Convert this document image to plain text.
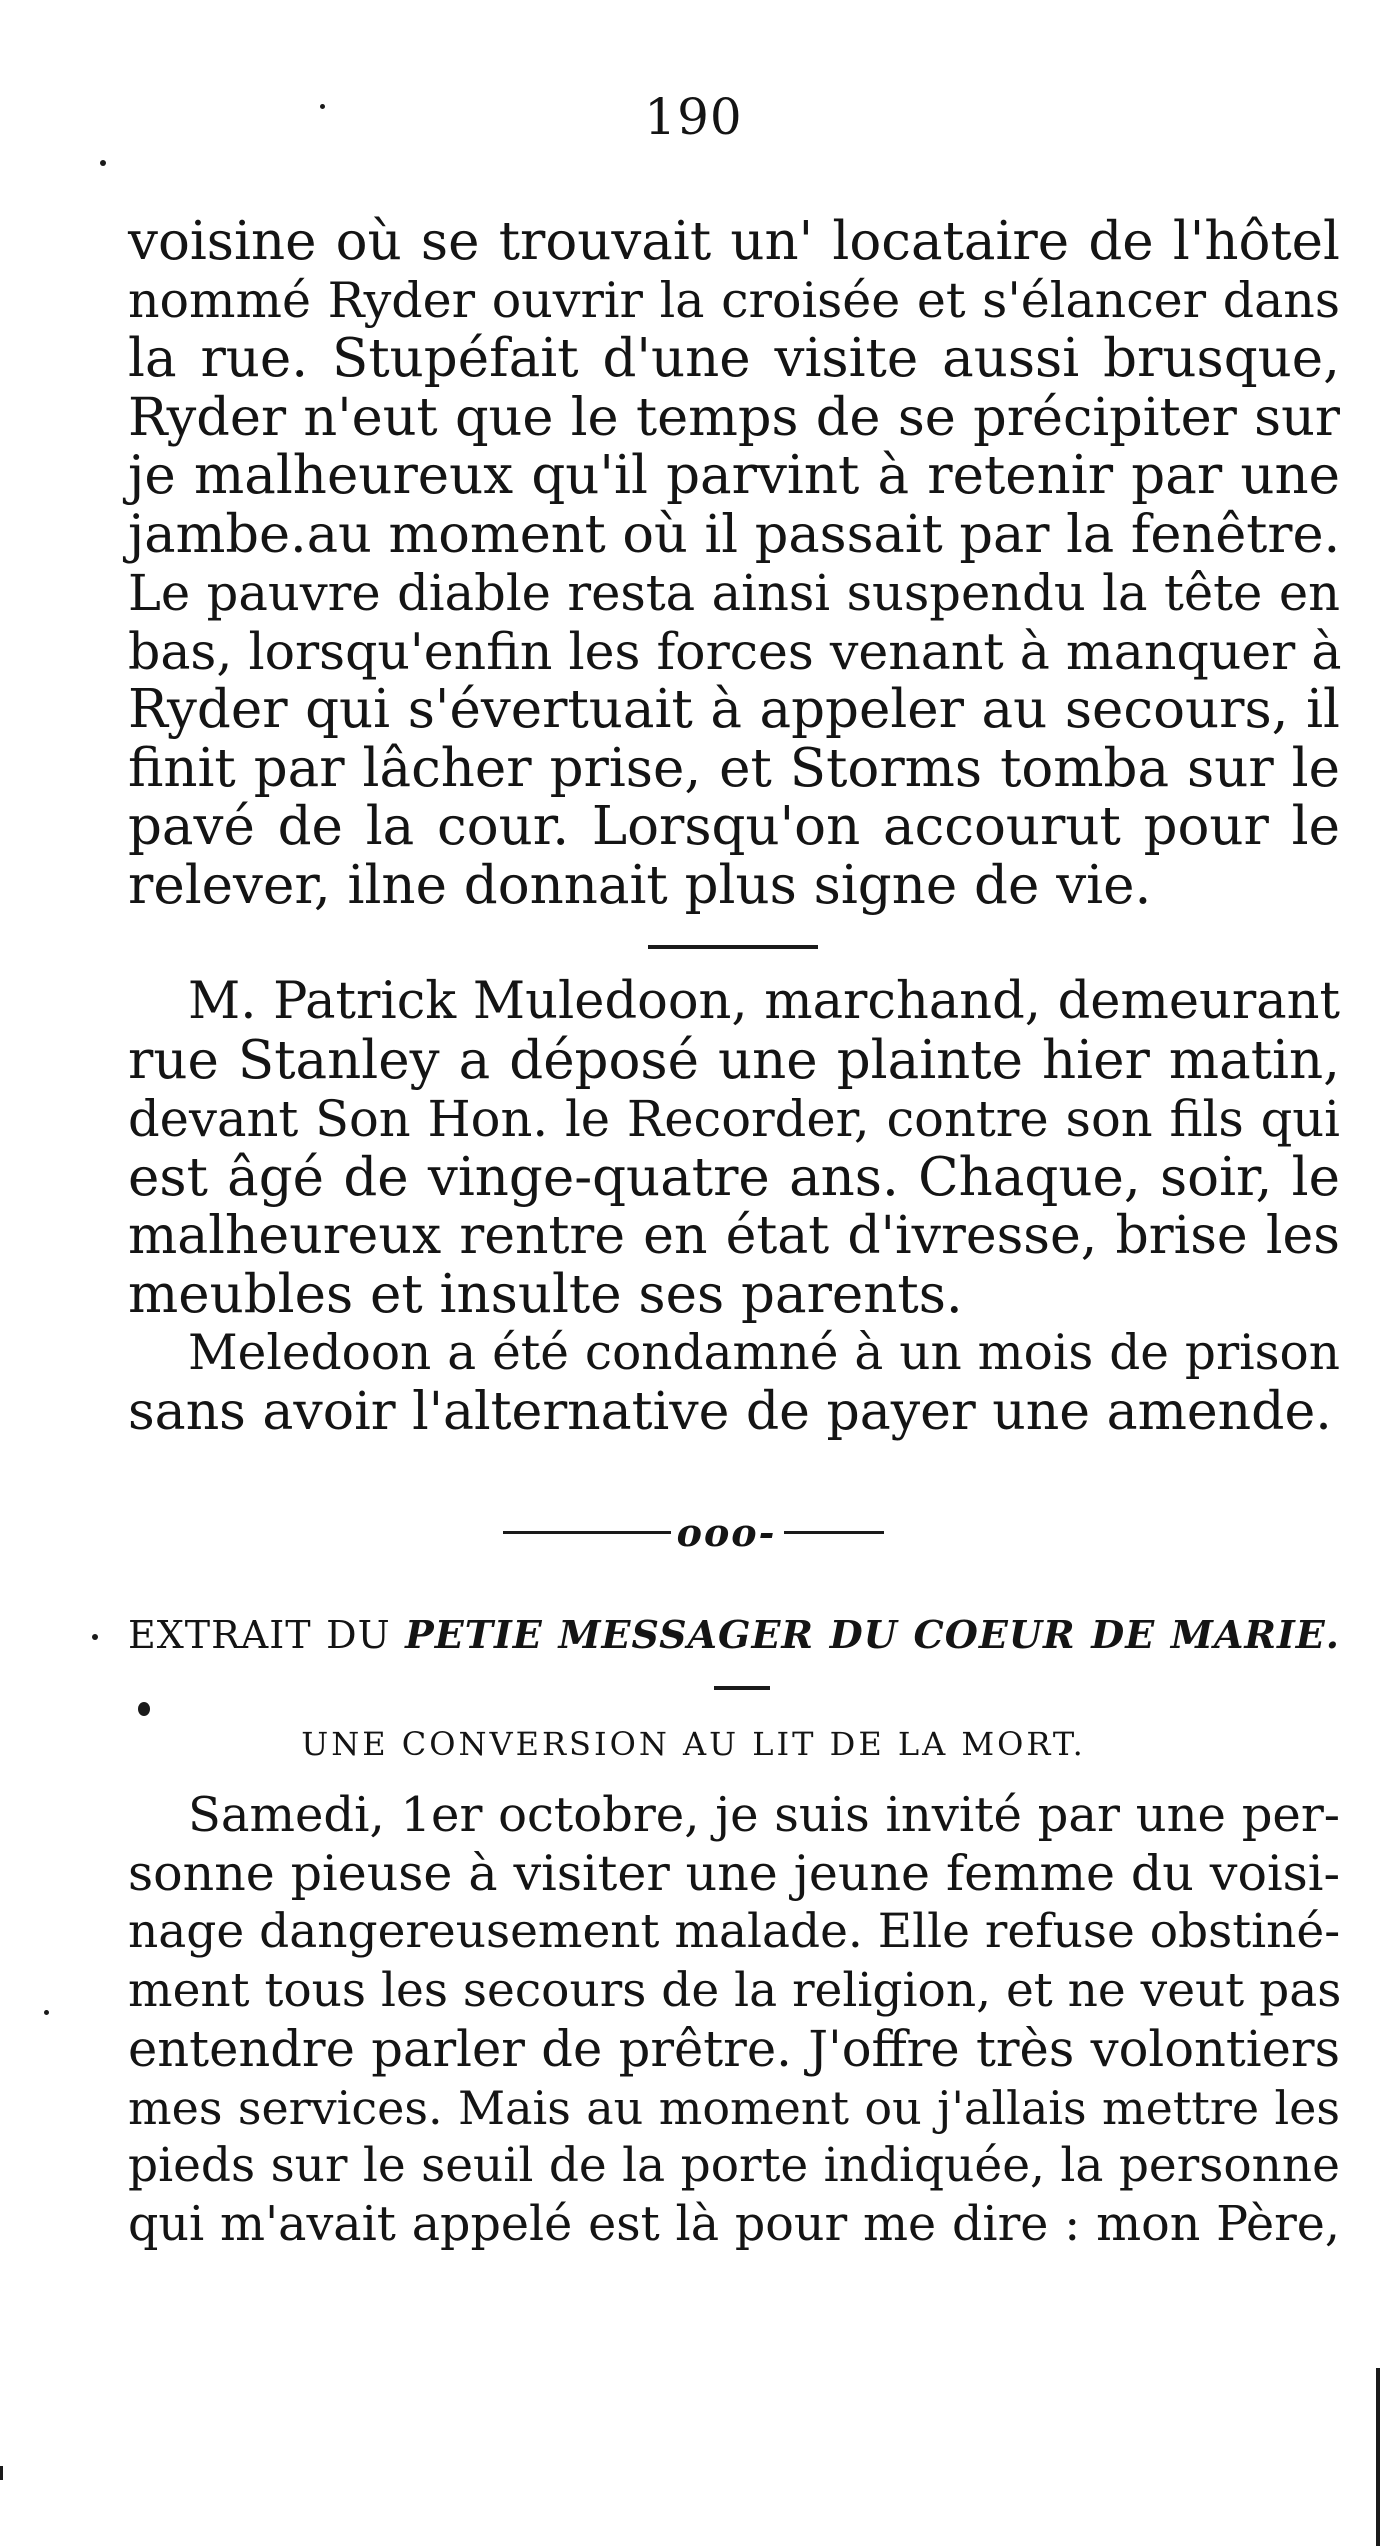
190
voisine où se trouvait un' locataire de l'hôtel
nommé Ryder ouvrir la croisée et s'élancer dans
la rue. Stupéfait d'une visite aussi brusque,
Ryder n'eut que le temps de se précipiter sur
je malheureux qu'il parvint à retenir par une
jambe.au moment où il passait par la fenêtre.
Le pauvre diable resta ainsi suspendu la tête en
bas, lorsqu'enfin les forces venant à manquer à
Ryder qui s'évertuait à appeler au secours, il
finit par lâcher prise, et Storms tomba sur le
pavé de la cour. Lorsqu'on accourut pour le
relever, ilne donnait plus signe de vie.
M. Patrick Muledoon, marchand, demeurant
rue Stanley a déposé une plainte hier matin,
devant Son Hon. le Recorder, contre son fils qui
est âgé de vinge-quatre ans. Chaque, soir, le
malheureux rentre en état d'ivresse, brise les
meubles et insulte ses parents.
Meledoon a été condamné à un mois de prison
sans avoir l'alternative de payer une amende.
ooo-
EXTRAIT DU PETIE MESSAGER DU COEUR DE MARIE.
UNE CONVERSION AU LIT DE LA MORT.
Samedi, 1er octobre, je suis invité par une per-
sonne pieuse à visiter une jeune femme du voisi-
nage dangereusement malade. Elle refuse obstiné-
ment tous les secours de la religion, et ne veut pas
entendre parler de prêtre. J'offre très volontiers
mes services. Mais au moment ou j'allais mettre les
pieds sur le seuil de la porte indiquée, la personne
qui m'avait appelé est là pour me dire : mon Père,
